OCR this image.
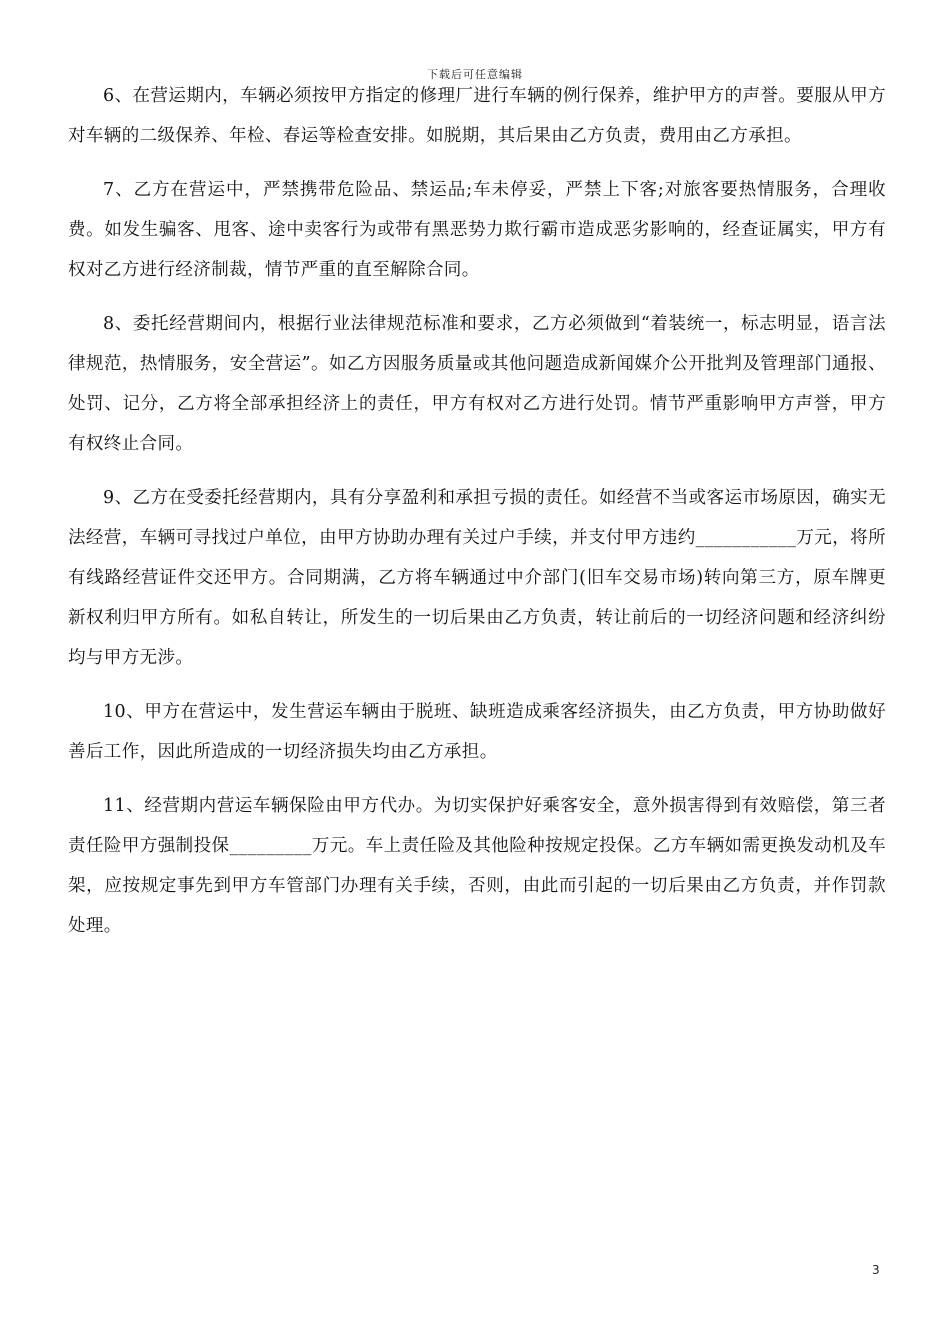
下载后可任意编辑

6、在营运期内，车辆必须按甲方指定的修理厂进行车辆的例行保养，维护甲方的声誉。要服从甲方对车辆的二级保养、年检、春运等检查安排。如脱期，其后果由乙方负责，费用由乙方承担。

7、乙方在营运中，严禁携带危险品、禁运品;车未停妥，严禁上下客;对旅客要热情服务，合理收费。如发生骗客、甩客、途中卖客行为或带有黑恶势力欺行霸市造成恶劣影响的，经查证属实，甲方有权对乙方进行经济制裁，情节严重的直至解除合同。

8、委托经营期间内，根据行业法律规范标准和要求，乙方必须做到“着装统一，标志明显，语言法律规范，热情服务，安全营运”。如乙方因服务质量或其他问题造成新闻媒介公开批判及管理部门通报、处罚、记分，乙方将全部承担经济上的责任，甲方有权对乙方进行处罚。情节严重影响甲方声誉，甲方有权终止合同。

9、乙方在受委托经营期内，具有分享盈利和承担亏损的责任。如经营不当或客运市场原因，确实无法经营，车辆可寻找过户单位，由甲方协助办理有关过户手续，并支付甲方违约___________万元，将所有线路经营证件交还甲方。合同期满，乙方将车辆通过中介部门(旧车交易市场)转向第三方，原车牌更新权利归甲方所有。如私自转让，所发生的一切后果由乙方负责，转让前后的一切经济问题和经济纠纷均与甲方无涉。

10、甲方在营运中，发生营运车辆由于脱班、缺班造成乘客经济损失，由乙方负责，甲方协助做好善后工作，因此所造成的一切经济损失均由乙方承担。

11、经营期内营运车辆保险由甲方代办。为切实保护好乘客安全，意外损害得到有效赔偿，第三者责任险甲方强制投保_________万元。车上责任险及其他险种按规定投保。乙方车辆如需更换发动机及车架，应按规定事先到甲方车管部门办理有关手续，否则，由此而引起的一切后果由乙方负责，并作罚款处理。

3
